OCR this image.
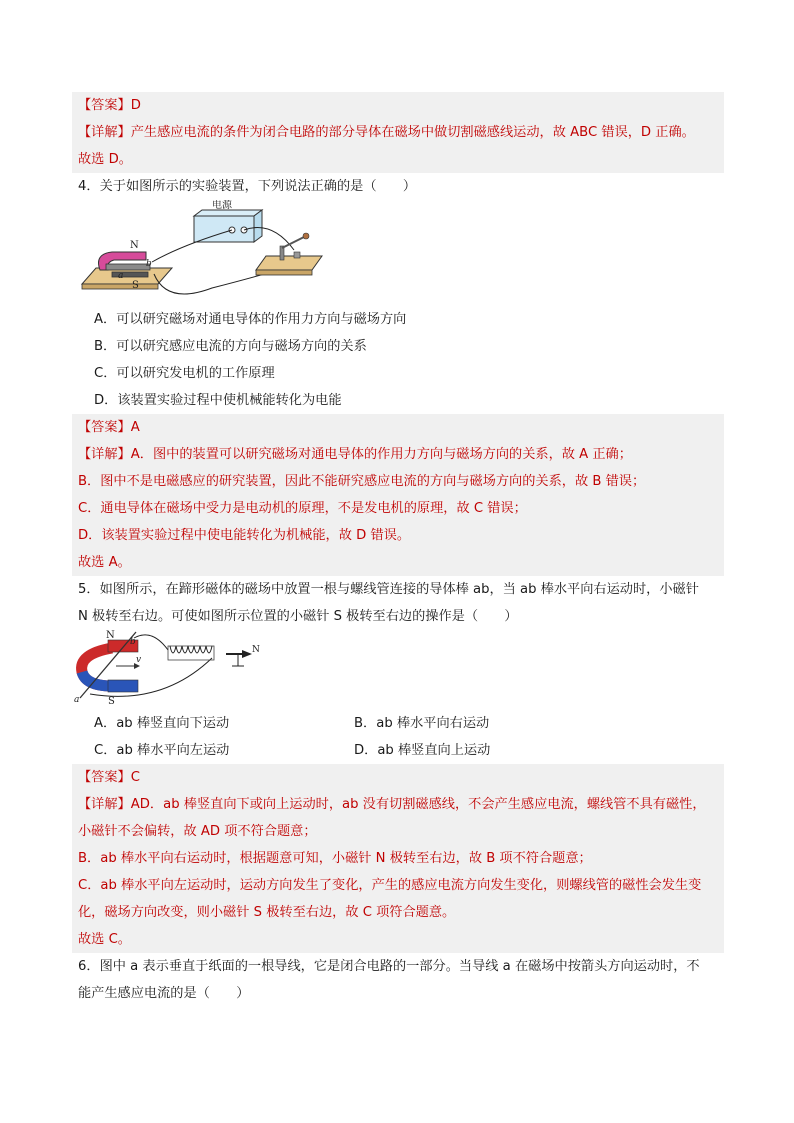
【答案】D
【详解】产生感应电流的条件为闭合电路的部分导体在磁场中做切割磁感线运动，故 ABC 错误，D 正确。
故选 D。
4．关于如图所示的实验装置，下列说法正确的是（　　）
电源
N
S
a
b
A．可以研究磁场对通电导体的作用力方向与磁场方向
B．可以研究感应电流的方向与磁场方向的关系
C．可以研究发电机的工作原理
D．该装置实验过程中使机械能转化为电能
【答案】A
【详解】A．图中的装置可以研究磁场对通电导体的作用力方向与磁场方向的关系，故 A 正确；
B．图中不是电磁感应的研究装置，因此不能研究感应电流的方向与磁场方向的关系，故 B 错误；
C．通电导体在磁场中受力是电动机的原理，不是发电机的原理，故 C 错误；
D．该装置实验过程中使电能转化为机械能，故 D 错误。
故选 A。
5．如图所示，在蹄形磁体的磁场中放置一根与螺线管连接的导体棒 ab，当 ab 棒水平向右运动时，小磁针
N 极转至右边。可使如图所示位置的小磁针 S 极转至右边的操作是（　　）
N
S
a
b
v
N
A．ab 棒竖直向下运动	B．ab 棒水平向右运动
C．ab 棒水平向左运动	D．ab 棒竖直向上运动
【答案】C
【详解】AD．ab 棒竖直向下或向上运动时，ab 没有切割磁感线，不会产生感应电流，螺线管不具有磁性，
小磁针不会偏转，故 AD 项不符合题意；
B．ab 棒水平向右运动时，根据题意可知，小磁针 N 极转至右边，故 B 项不符合题意；
C．ab 棒水平向左运动时，运动方向发生了变化，产生的感应电流方向发生变化，则螺线管的磁性会发生变
化，磁场方向改变，则小磁针 S 极转至右边，故 C 项符合题意。
故选 C。
6．图中 a 表示垂直于纸面的一根导线，它是闭合电路的一部分。当导线 a 在磁场中按箭头方向运动时，不
能产生感应电流的是（　　）
